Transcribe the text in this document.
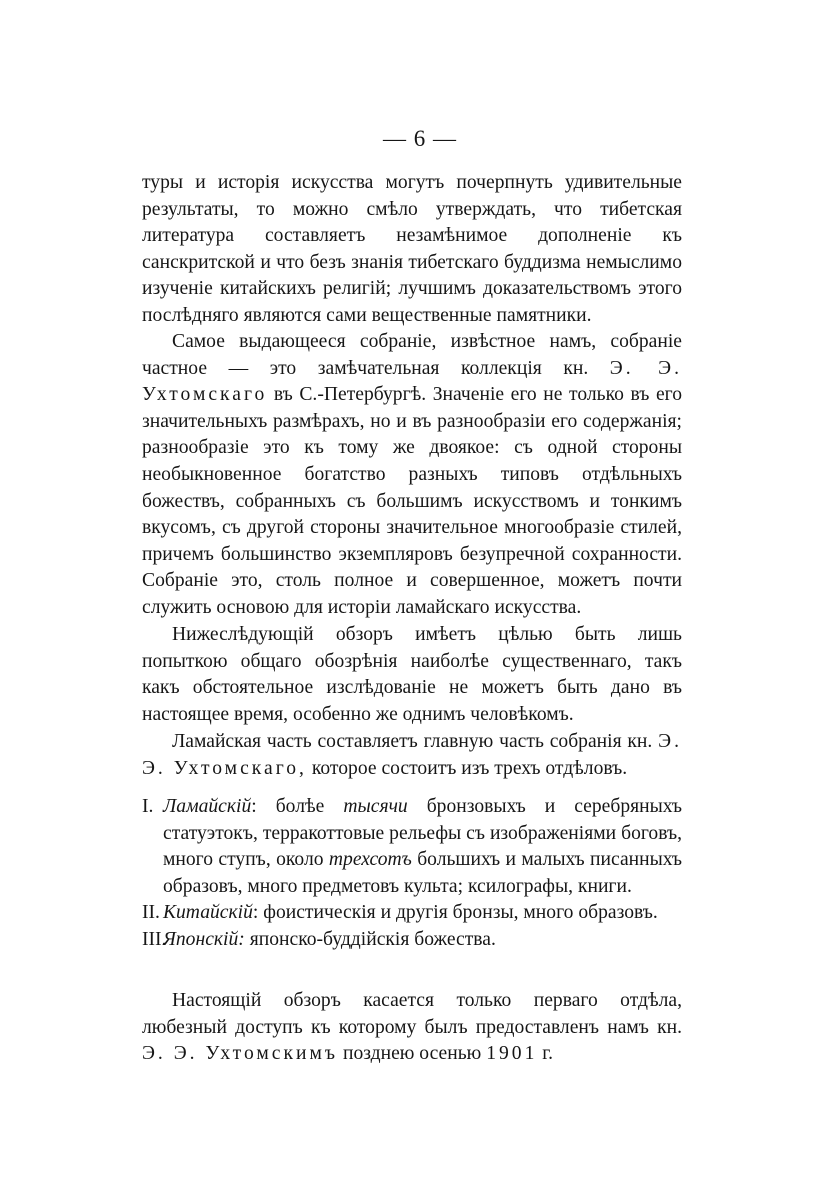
— 6 —

туры и исторія искусства могутъ почерпнуть удивительные результаты, то можно смѣло утверждать, что тибетская литература составляетъ незамѣнимое дополненіе къ санскритской и что безъ знанія тибетскаго буддизма немыслимо изученіе китайскихъ религій; лучшимъ доказательствомъ этого послѣдняго являются сами вещественные памятники.

Самое выдающееся собраніе, извѣстное намъ, собраніе частное — это замѣчательная коллекція кн. Э. Э. Ухтомскаго въ С.-Петербургѣ. Значеніе его не только въ его значительныхъ размѣрахъ, но и въ разнообразіи его содержанія; разнообразіе это къ тому же двоякое: съ одной стороны необыкновенное богатство разныхъ типовъ отдѣльныхъ божествъ, собранныхъ съ большимъ искусствомъ и тонкимъ вкусомъ, съ другой стороны значительное многообразіе стилей, причемъ большинство экземпляровъ безупречной сохранности. Собраніе это, столь полное и совершенное, можетъ почти служить основою для исторіи ламайскаго искусства.

Нижеслѣдующій обзоръ имѣетъ цѣлью быть лишь попыткою общаго обозрѣнія наиболѣе существеннаго, такъ какъ обстоятельное изслѣдованіе не можетъ быть дано въ настоящее время, особенно же однимъ человѣкомъ.

Ламайская часть составляетъ главную часть собранія кн. Э. Э. Ухтомскаго, которое состоитъ изъ трехъ отдѣловъ.

I. Ламайскій: болѣе тысячи бронзовыхъ и серебряныхъ статуэтокъ, терракоттовые рельефы съ изображеніями боговъ, много ступъ, около трехсотъ большихъ и малыхъ писанныхъ образовъ, много предметовъ культа; ксилографы, книги.

II. Китайскій: фоистическія и другія бронзы, много образовъ.

III.

Японскій: японско-буддійскія божества.

Настоящій обзоръ касается только перваго отдѣла, любезный доступъ къ которому былъ предоставленъ намъ кн. Э. Э. Ухтомскимъ позднею осенью 1901 г.
